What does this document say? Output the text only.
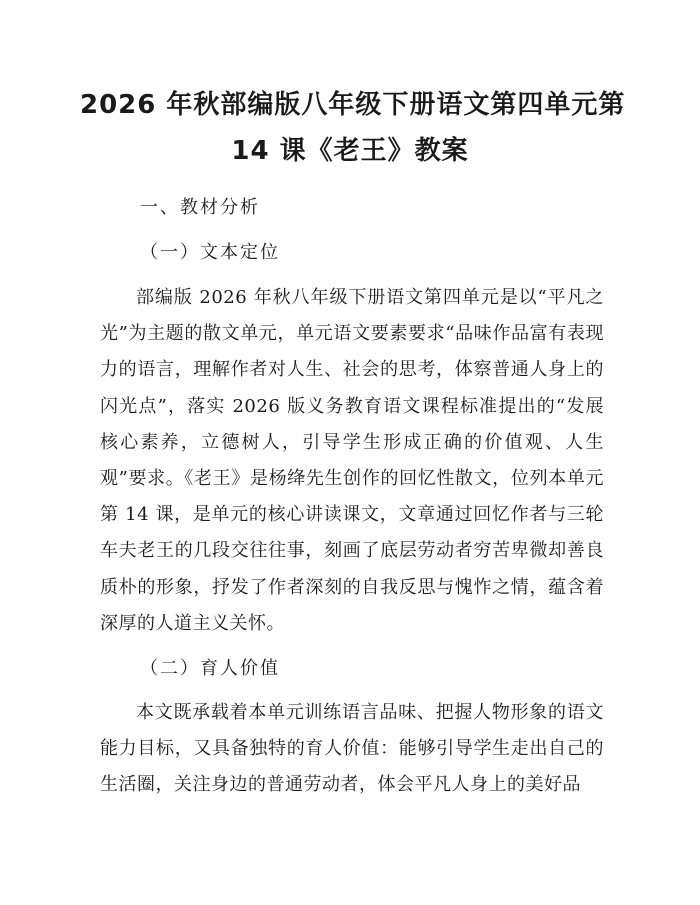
2026 年秋部编版八年级下册语文第四单元第
14 课《老王》教案
一、教材分析
（一）文本定位

部编版 2026 年秋八年级下册语文第四单元是以“平凡之光”为主题的散文单元，单元语文要素要求“品味作品富有表现力的语言，理解作者对人生、社会的思考，体察普通人身上的闪光点”，落实 2026 版义务教育语文课程标准提出的“发展核心素养，立德树人，引导学生形成正确的价值观、人生观”要求。《老王》是杨绛先生创作的回忆性散文，位列本单元第 14 课，是单元的核心讲读课文，文章通过回忆作者与三轮车夫老王的几段交往往事，刻画了底层劳动者穷苦卑微却善良质朴的形象，抒发了作者深刻的自我反思与愧怍之情，蕴含着深厚的人道主义关怀。

（二）育人价值

本文既承载着本单元训练语言品味、把握人物形象的语文能力目标，又具备独特的育人价值：能够引导学生走出自己的生活圈，关注身边的普通劳动者，体会平凡人身上的美好品
